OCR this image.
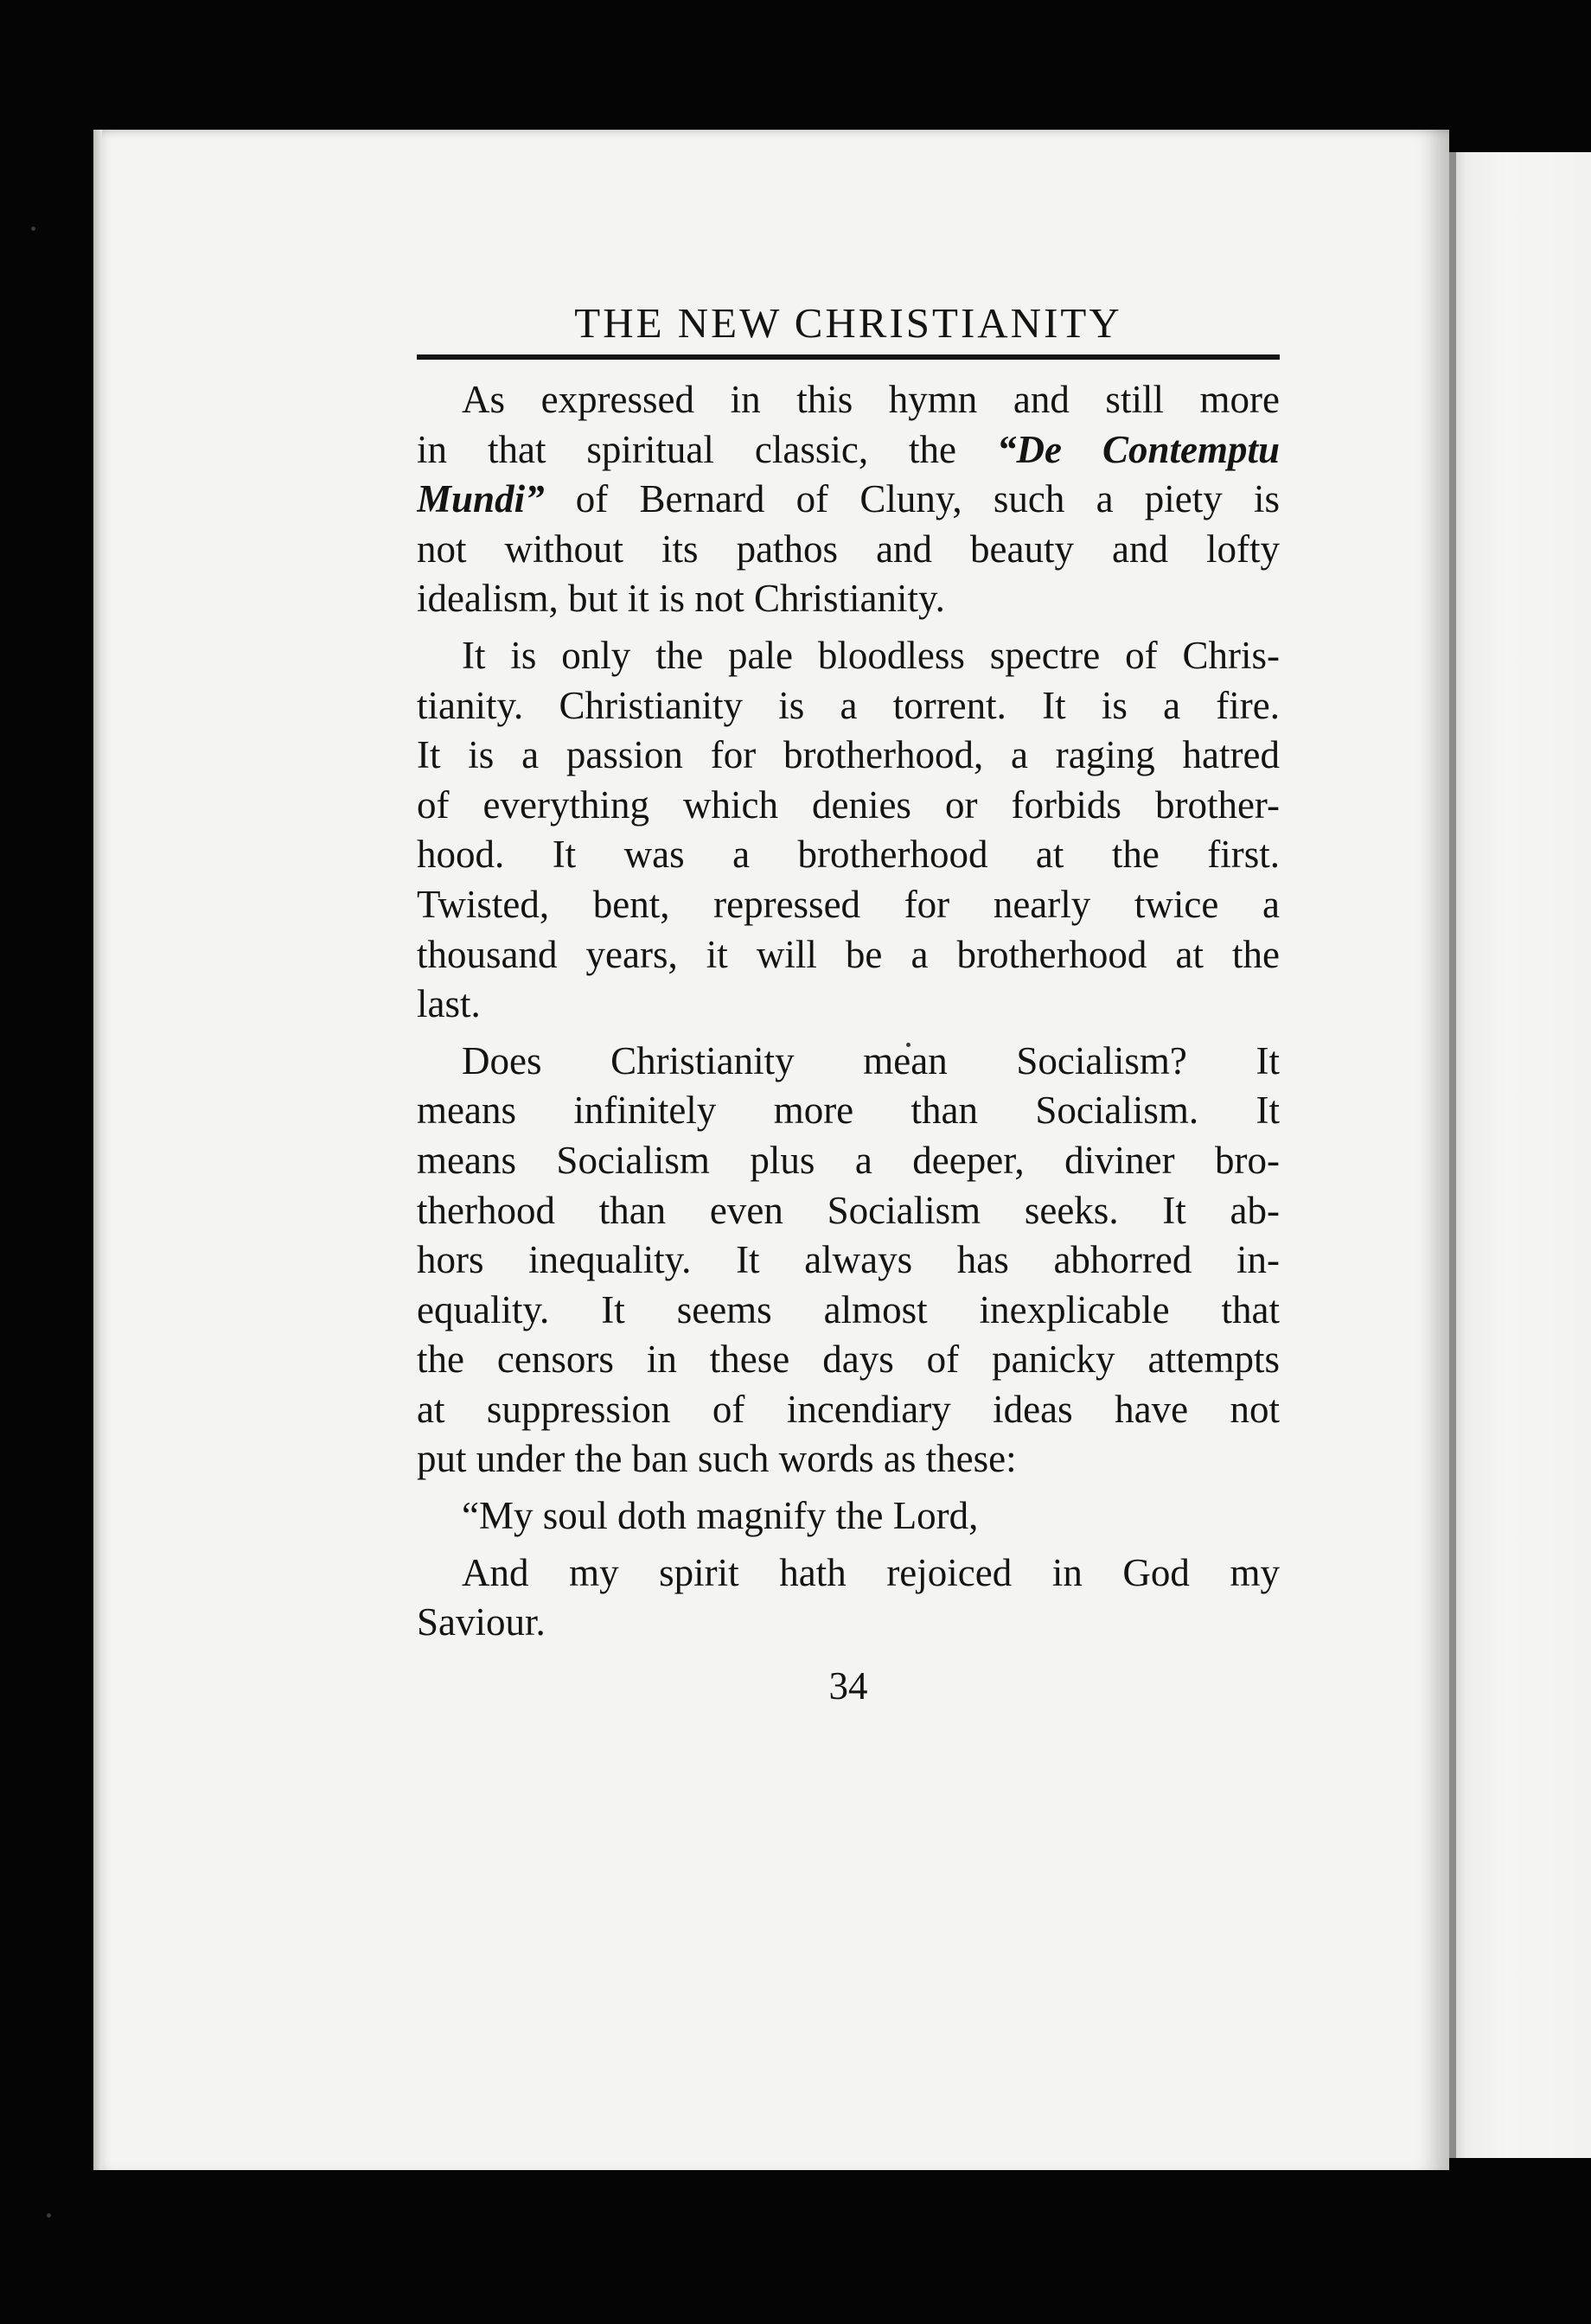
THE NEW CHRISTIANITY
As expressed in this hymn and still more
in that spiritual classic, the “De Contemptu
Mundi” of Bernard of Cluny, such a piety is
not without its pathos and beauty and lofty
idealism, but it is not Christianity.
It is only the pale bloodless spectre of Chris-
tianity. Christianity is a torrent. It is a fire.
It is a passion for brotherhood, a raging hatred
of everything which denies or forbids brother-
hood. It was a brotherhood at the first.
Twisted, bent, repressed for nearly twice a
thousand years, it will be a brotherhood at the
last.
Does Christianity mean Socialism? It
means infinitely more than Socialism. It
means Socialism plus a deeper, diviner bro-
therhood than even Socialism seeks. It ab-
hors inequality. It always has abhorred in-
equality. It seems almost inexplicable that
the censors in these days of panicky attempts
at suppression of incendiary ideas have not
put under the ban such words as these:
“My soul doth magnify the Lord,
And my spirit hath rejoiced in God my
Saviour.
34
